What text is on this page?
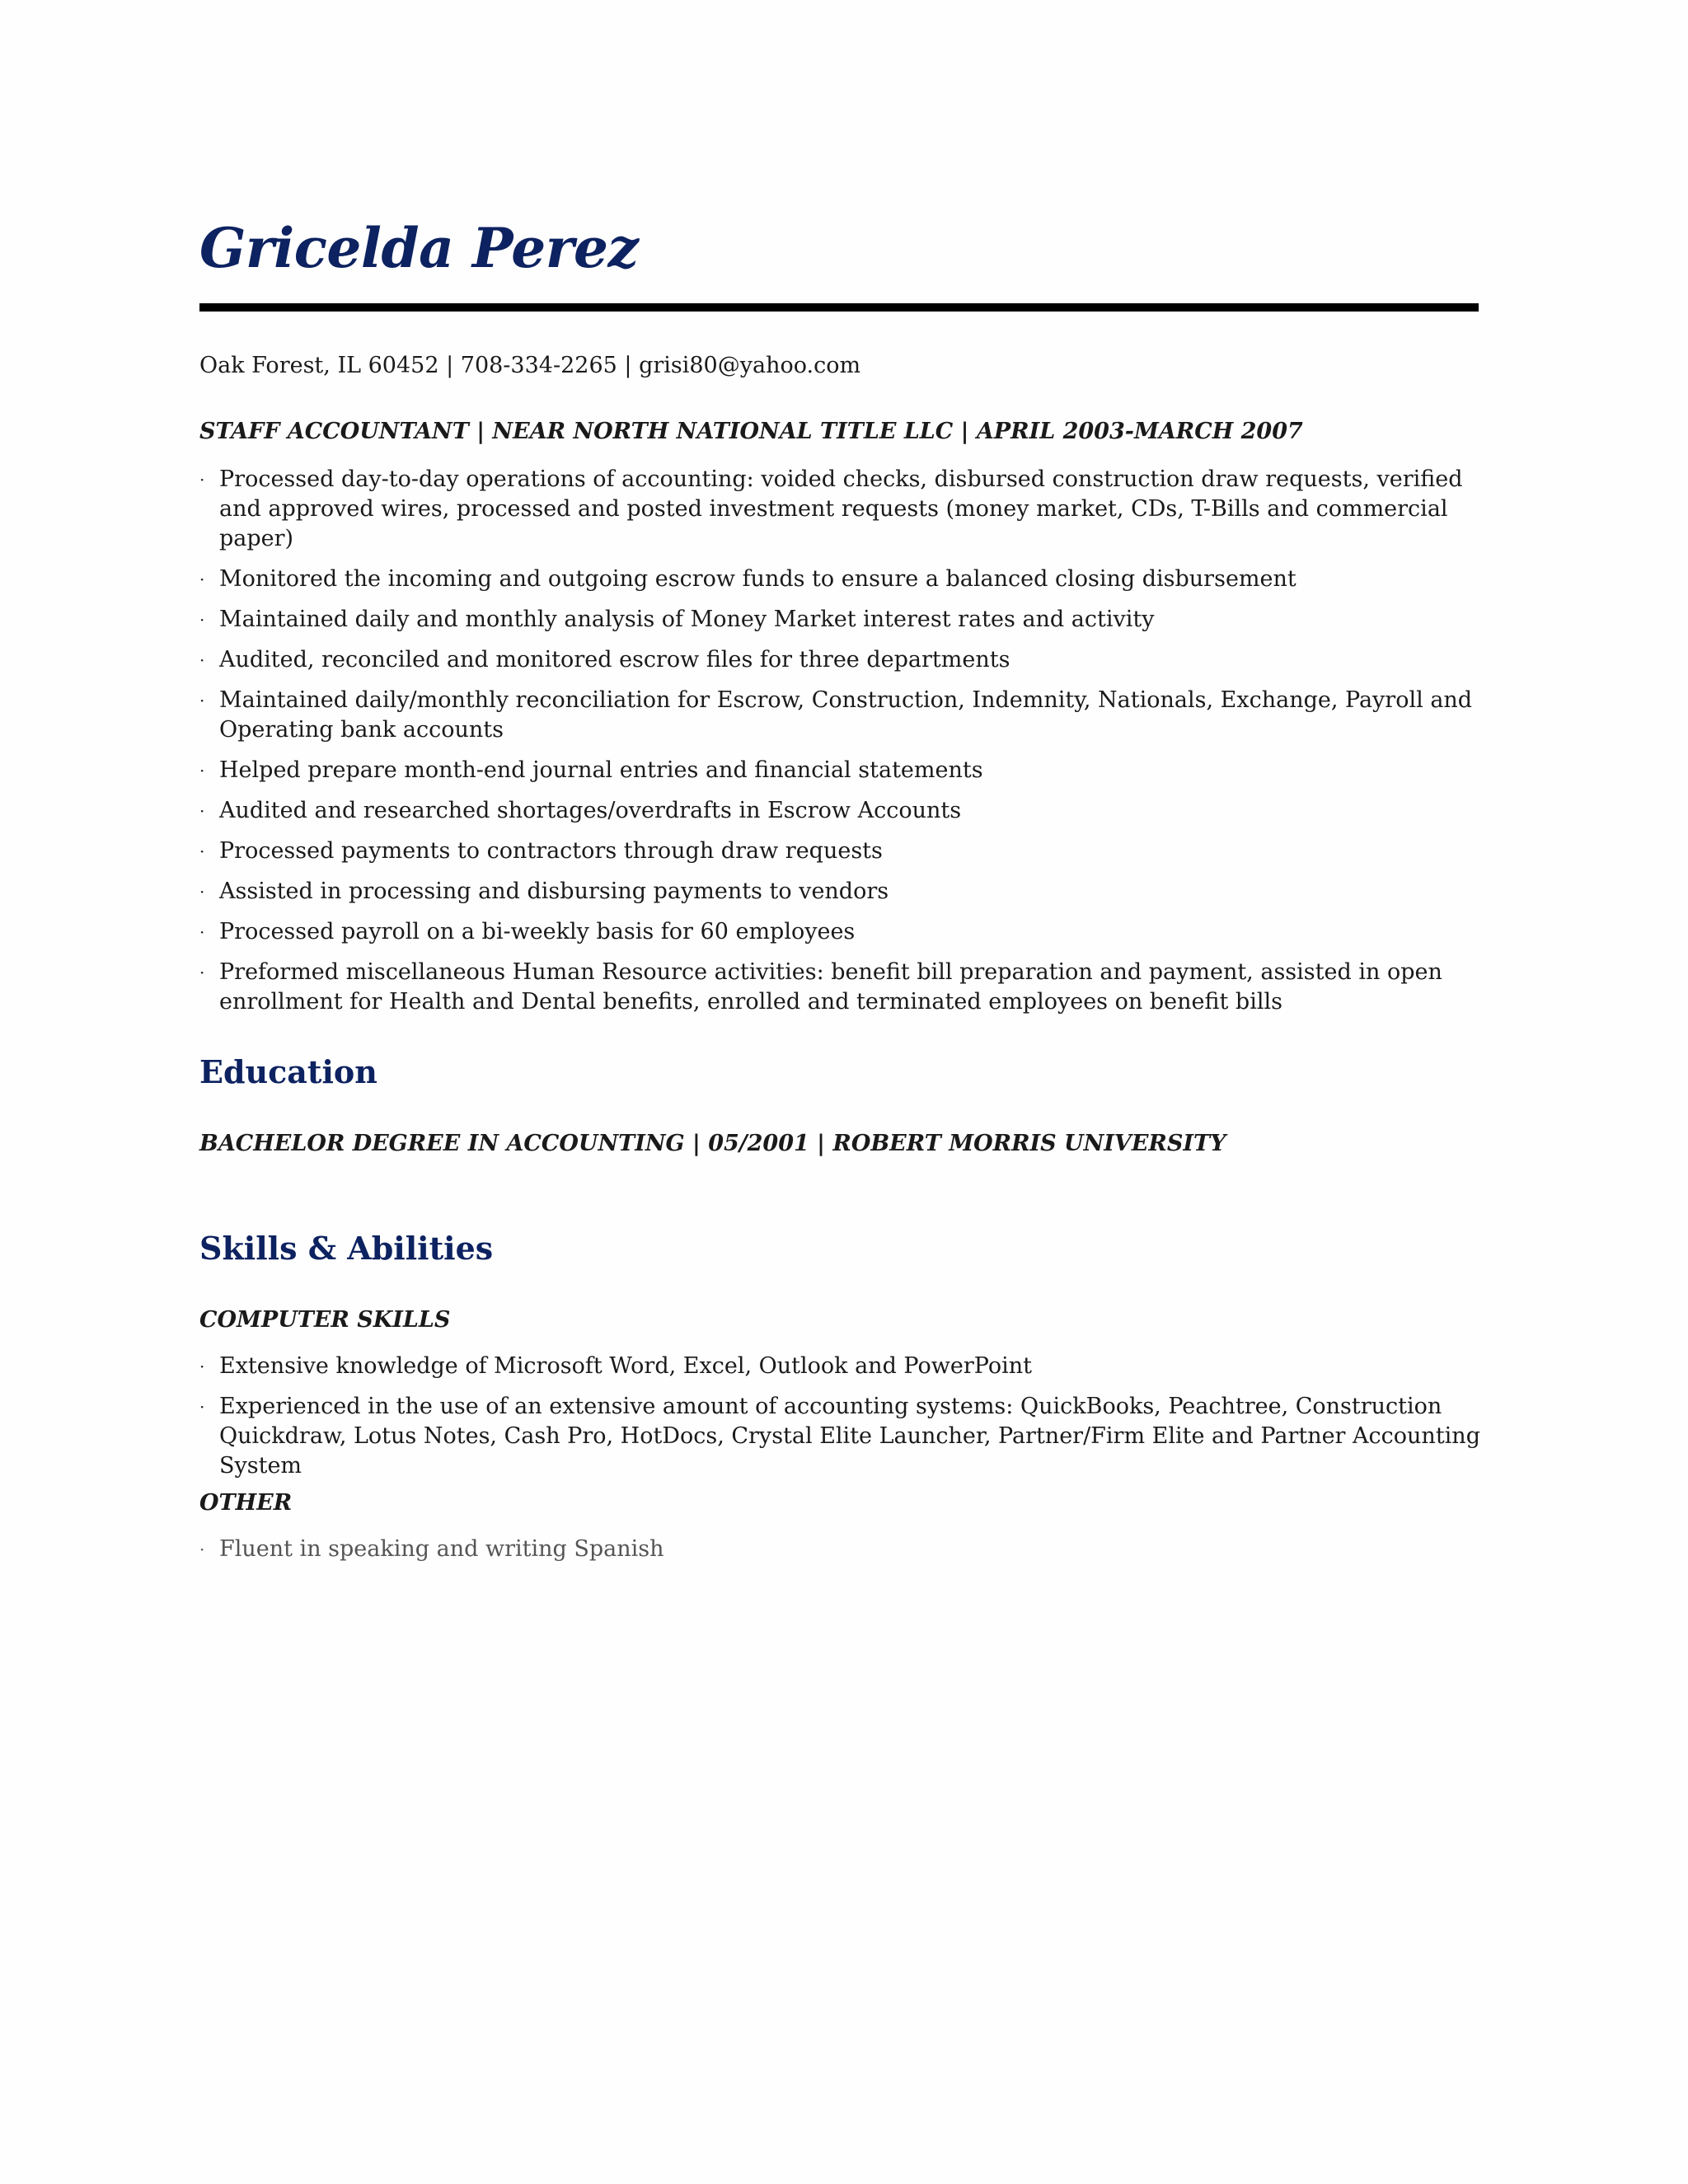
Gricelda Perez
Oak Forest, IL 60452 | 708-334-2265 | grisi80@yahoo.com
STAFF ACCOUNTANT | NEAR NORTH NATIONAL TITLE LLC | APRIL 2003-MARCH 2007
· Processed day-to-day operations of accounting: voided checks, disbursed construction draw requests, verified and approved wires, processed and posted investment requests (money market, CDs, T-Bills and commercial paper)
· Monitored the incoming and outgoing escrow funds to ensure a balanced closing disbursement
· Maintained daily and monthly analysis of Money Market interest rates and activity
· Audited, reconciled and monitored escrow files for three departments
· Maintained daily/monthly reconciliation for Escrow, Construction, Indemnity, Nationals, Exchange, Payroll and Operating bank accounts
· Helped prepare month-end journal entries and financial statements
· Audited and researched shortages/overdrafts in Escrow Accounts
· Processed payments to contractors through draw requests
· Assisted in processing and disbursing payments to vendors
· Processed payroll on a bi-weekly basis for 60 employees
· Preformed miscellaneous Human Resource activities: benefit bill preparation and payment, assisted in open enrollment for Health and Dental benefits, enrolled and terminated employees on benefit bills
Education
BACHELOR DEGREE IN ACCOUNTING | 05/2001 | ROBERT MORRIS UNIVERSITY
Skills & Abilities
COMPUTER SKILLS
· Extensive knowledge of Microsoft Word, Excel, Outlook and PowerPoint
· Experienced in the use of an extensive amount of accounting systems: QuickBooks, Peachtree, Construction Quickdraw, Lotus Notes, Cash Pro, HotDocs, Crystal Elite Launcher, Partner/Firm Elite and Partner Accounting System
OTHER
· Fluent in speaking and writing Spanish
